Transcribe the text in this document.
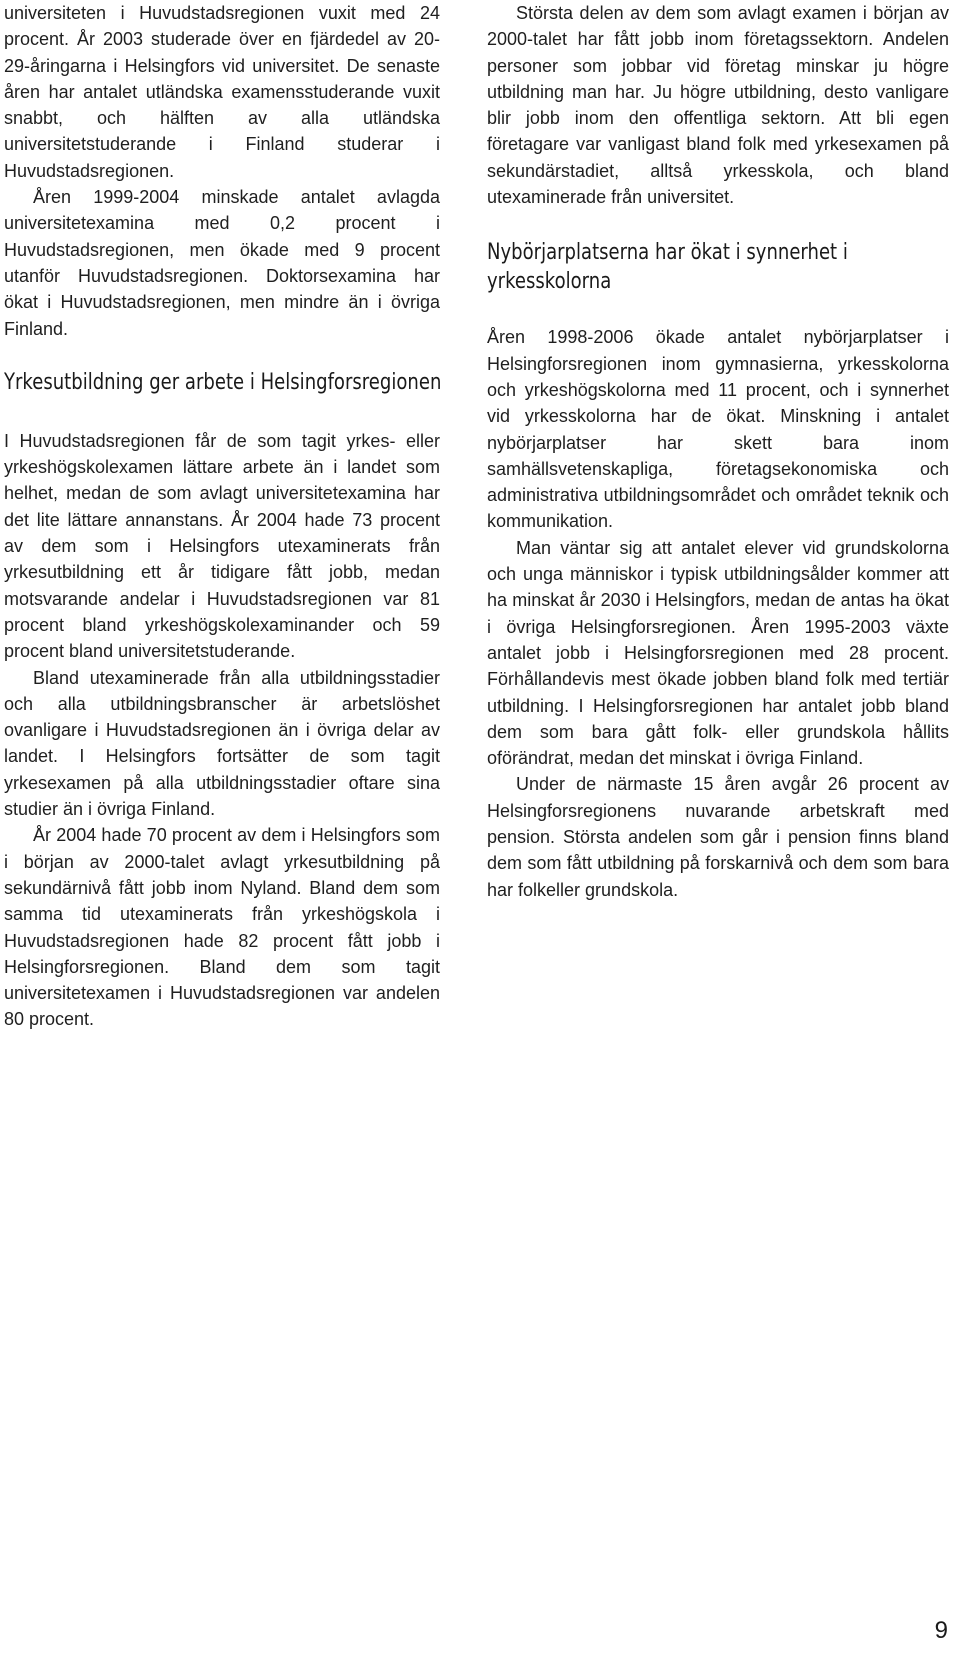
universiteten i Huvudstadsregionen vuxit med 24 procent. År 2003 studerade över en fjärdedel av 20-29-åringarna i Helsingfors vid universitet. De senaste åren har antalet utländska examensstuderande vuxit snabbt, och hälften av alla utländska universitetstuderande i Finland studerar i Huvudstadsregionen.

Åren 1999-2004 minskade antalet avlagda universitetexamina med 0,2 procent i Huvudstadsregionen, men ökade med 9 procent utanför Huvudstadsregionen. Doktorsexamina har ökat i Huvudstadsregionen, men mindre än i övriga Finland.

Yrkesutbildning ger arbete i Helsingforsregionen

I Huvudstadsregionen får de som tagit yrkes- eller yrkeshögskolexamen lättare arbete än i landet som helhet, medan de som avlagt universitetexamina har det lite lättare annanstans. År 2004 hade 73 procent av dem som i Helsingfors utexaminerats från yrkesutbildning ett år tidigare fått jobb, medan motsvarande andelar i Huvudstadsregionen var 81 procent bland yrkeshögskolexaminander och 59 procent bland universitetstuderande.

Bland utexaminerade från alla utbildningsstadier och alla utbildningsbranscher är arbetslöshet ovanligare i Huvudstadsregionen än i övriga delar av landet. I Helsingfors fortsätter de som tagit yrkesexamen på alla utbildningsstadier oftare sina studier än i övriga Finland.

År 2004 hade 70 procent av dem i Helsingfors som i början av 2000-talet avlagt yrkesutbildning på sekundärnivå fått jobb inom Nyland. Bland dem som samma tid utexaminerats från yrkeshögskola i Huvudstadsregionen hade 82 procent fått jobb i Helsingforsregionen. Bland dem som tagit universitetexamen i Huvudstadsregionen var andelen 80 procent.

Största delen av dem som avlagt examen i början av 2000-talet har fått jobb inom företagssektorn. Andelen personer som jobbar vid företag minskar ju högre utbildning man har. Ju högre utbildning, desto vanligare blir jobb inom den offentliga sektorn. Att bli egen företagare var vanligast bland folk med yrkesexamen på sekundärstadiet, alltså yrkesskola, och bland utexaminerade från universitet.

Nybörjarplatserna har ökat i synnerhet i yrkesskolorna

Åren 1998-2006 ökade antalet nybörjarplatser i Helsingforsregionen inom gymnasierna, yrkesskolorna och yrkeshögskolorna med 11 procent, och i synnerhet vid yrkesskolorna har de ökat. Minskning i antalet nybörjarplatser har skett bara inom samhällsvetenskapliga, företagsekonomiska och administrativa utbildningsområdet och området teknik och kommunikation.

Man väntar sig att antalet elever vid grundskolorna och unga människor i typisk utbildningsålder kommer att ha minskat år 2030 i Helsingfors, medan de antas ha ökat i övriga Helsingforsregionen. Åren 1995-2003 växte antalet jobb i Helsingforsregionen med 28 procent. Förhållandevis mest ökade jobben bland folk med tertiär utbildning. I Helsingforsregionen har antalet jobb bland dem som bara gått folk- eller grundskola hållits oförändrat, medan det minskat i övriga Finland.

Under de närmaste 15 åren avgår 26 procent av Helsingforsregionens nuvarande arbetskraft med pension. Största andelen som går i pension finns bland dem som fått utbildning på forskarnivå och dem som bara har folkeller grundskola.

9
